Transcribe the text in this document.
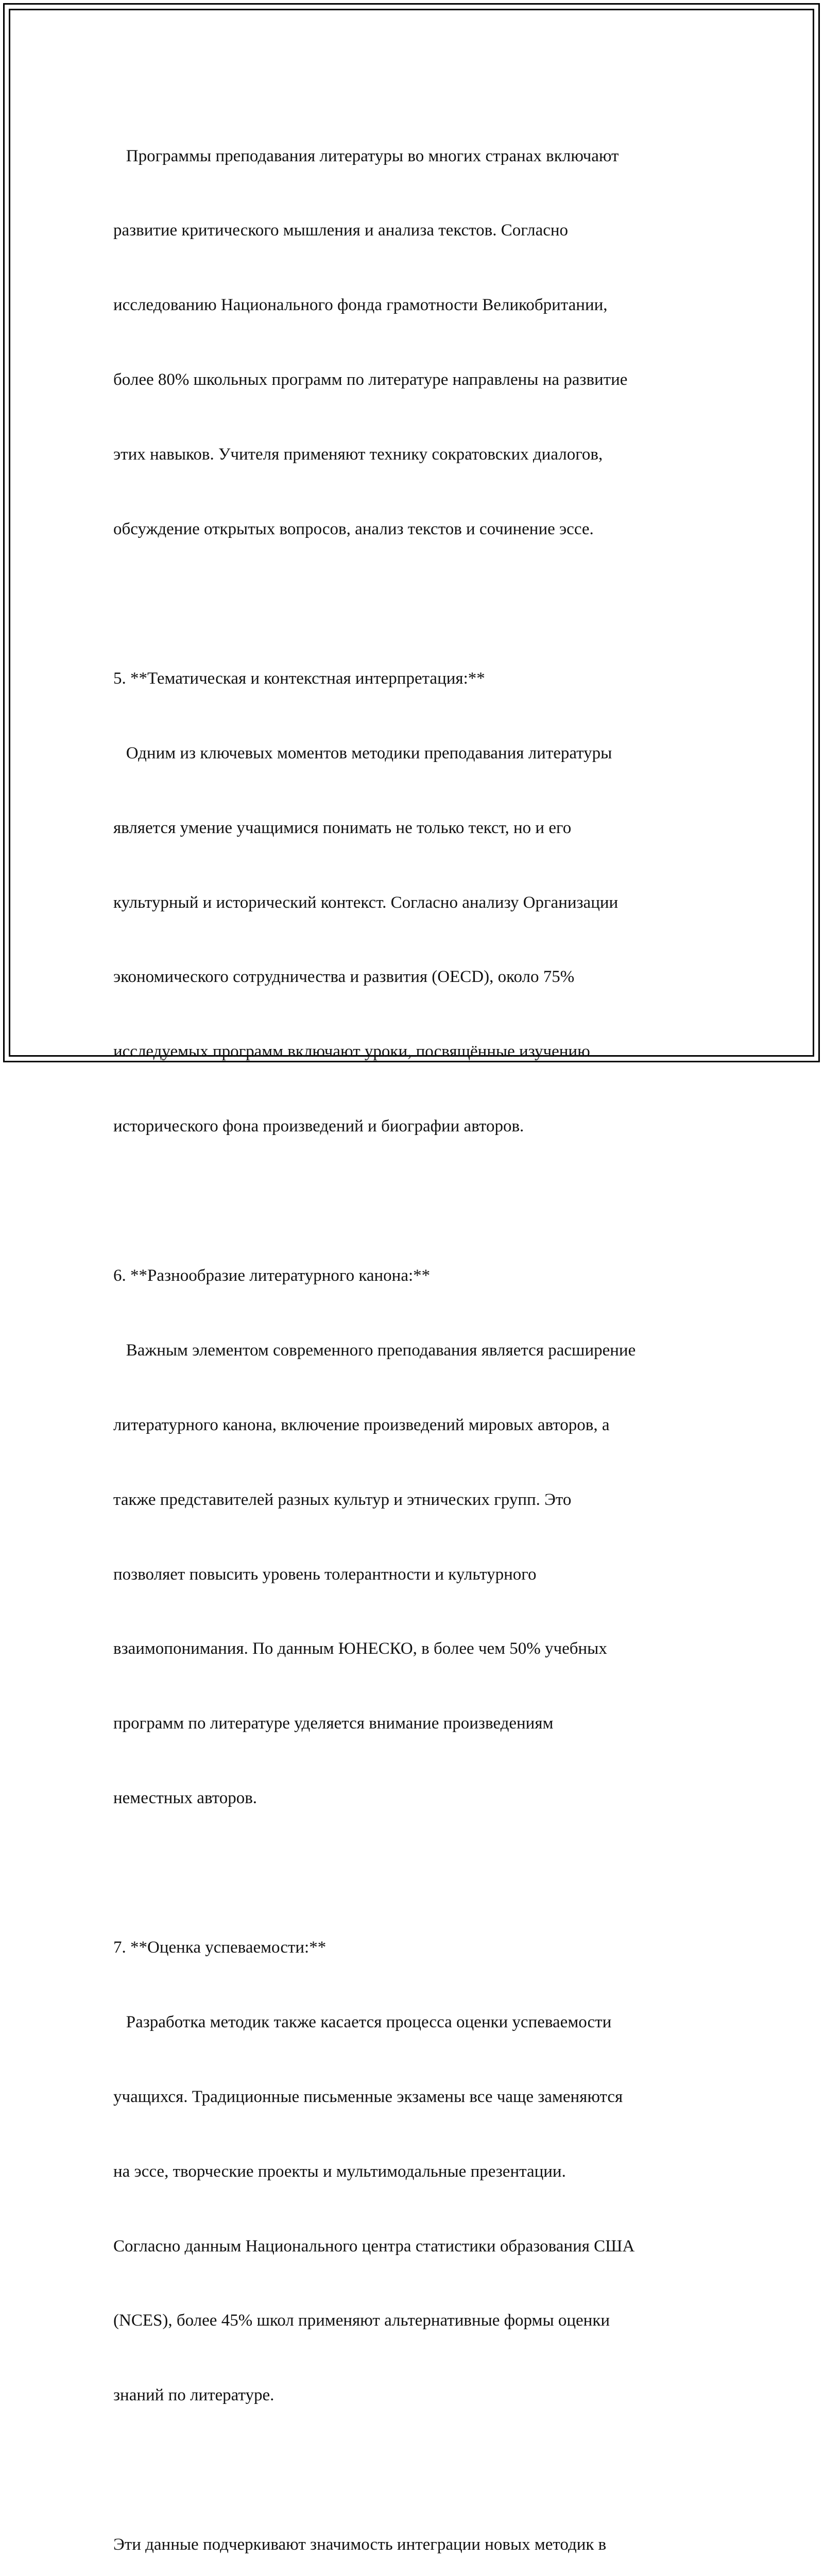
Программы преподавания литературы во многих странах включают

развитие критического мышления и анализа текстов. Согласно

исследованию Национального фонда грамотности Великобритании,

более 80% школьных программ по литературе направлены на развитие

этих навыков. Учителя применяют технику сократовских диалогов,

обсуждение открытых вопросов, анализ текстов и сочинение эссе.

5. **Тематическая и контекстная интерпретация:**

Одним из ключевых моментов методики преподавания литературы

является умение учащимися понимать не только текст, но и его

культурный и исторический контекст. Согласно анализу Организации

экономического сотрудничества и развития (OECD), около 75%

исследуемых программ включают уроки, посвящённые изучению

исторического фона произведений и биографии авторов.

6. **Разнообразие литературного канона:**

Важным элементом современного преподавания является расширение

литературного канона, включение произведений мировых авторов, а

также представителей разных культур и этнических групп. Это

позволяет повысить уровень толерантности и культурного

взаимопонимания. По данным ЮНЕСКО, в более чем 50% учебных

программ по литературе уделяется внимание произведениям

неместных авторов.

7. **Оценка успеваемости:**

Разработка методик также касается процесса оценки успеваемости

учащихся. Традиционные письменные экзамены все чаще заменяются

на эссе, творческие проекты и мультимодальные презентации.

Согласно данным Национального центра статистики образования США

(NCES), более 45% школ применяют альтернативные формы оценки

знаний по литературе.

Эти данные подчеркивают значимость интеграции новых методик в
